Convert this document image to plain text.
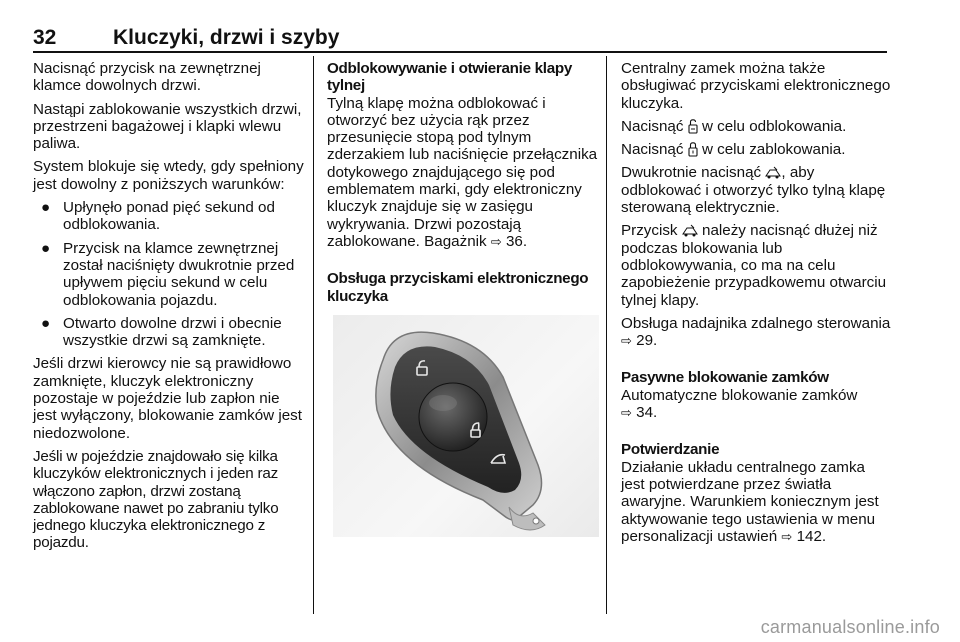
32	Kluczyki, drzwi i szyby

Nacisnąć przycisk na zewnętrznej klamce dowolnych drzwi.

Nastąpi zablokowanie wszystkich drzwi, przestrzeni bagażowej i klapki wlewu paliwa.

System blokuje się wtedy, gdy spełniony jest dowolny z poniższych warunków:

● Upłynęło ponad pięć sekund od odblokowania.
● Przycisk na klamce zewnętrznej został naciśnięty dwukrotnie przed upływem pięciu sekund w celu odblokowania pojazdu.
● Otwarto dowolne drzwi i obecnie wszystkie drzwi są zamknięte.

Jeśli drzwi kierowcy nie są prawidłowo zamknięte, kluczyk elektroniczny pozostaje w pojeździe lub zapłon nie jest wyłączony, blokowanie zamków jest niedozwolone.

Jeśli w pojeździe znajdowało się kilka kluczyków elektronicznych i jeden raz włączono zapłon, drzwi zostaną zablokowane nawet po zabraniu tylko jednego kluczyka elektronicznego z pojazdu.

Odblokowywanie i otwieranie klapy tylnej

Tylną klapę można odblokować i otworzyć bez użycia rąk przez przesunięcie stopą pod tylnym zderzakiem lub naciśnięcie przełącznika dotykowego znajdującego się pod emblematem marki, gdy elektroniczny kluczyk znajduje się w zasięgu wykrywania. Drzwi pozostają zablokowane. Bagażnik ⇨ 36.

Obsługa przyciskami elektronicznego kluczyka

Centralny zamek można także obsługiwać przyciskami elektronicznego kluczyka.

Nacisnąć w celu odblokowania.

Nacisnąć w celu zablokowania.

Dwukrotnie nacisnąć , aby odblokować i otworzyć tylko tylną klapę sterowaną elektrycznie.

Przycisk należy nacisnąć dłużej niż podczas blokowania lub odblokowywania, co ma na celu zapobieżenie przypadkowemu otwarciu tylnej klapy.

Obsługa nadajnika zdalnego sterowania ⇨ 29.

Pasywne blokowanie zamków

Automatyczne blokowanie zamków
⇨ 34.

Potwierdzanie

Działanie układu centralnego zamka jest potwierdzane przez światła awaryjne. Warunkiem koniecznym jest aktywowanie tego ustawienia w menu personalizacji ustawień ⇨ 142.

carmanualsonline.info
